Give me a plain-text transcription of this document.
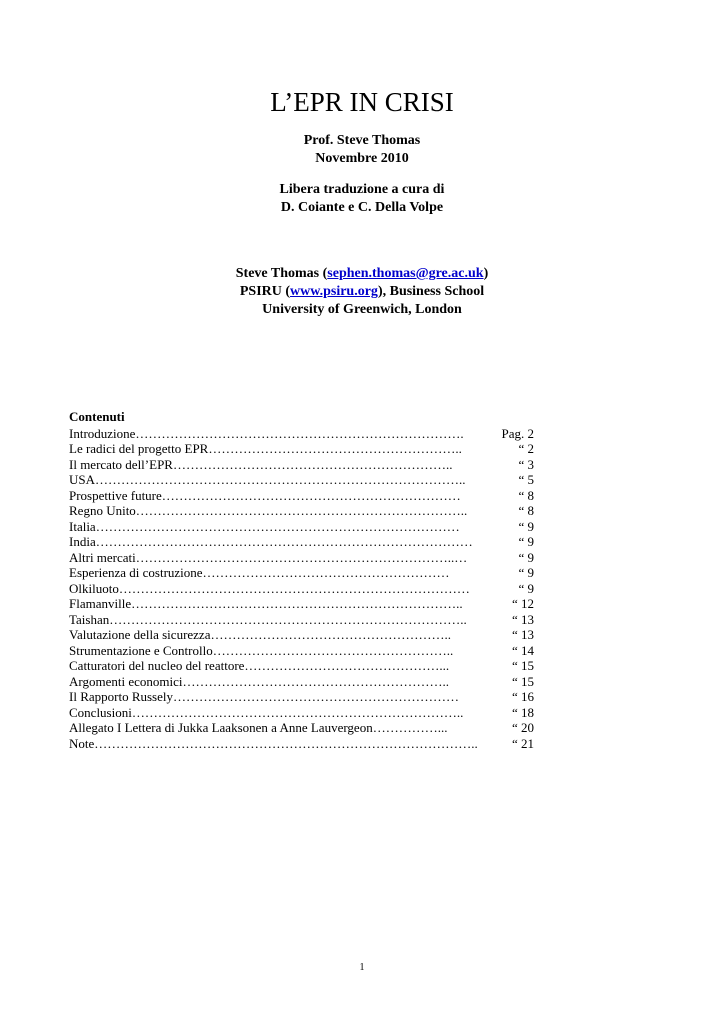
L’EPR IN CRISI
Prof. Steve Thomas
Novembre 2010
Libera traduzione a cura di
D. Coiante e C. Della Volpe
Steve Thomas (sephen.thomas@gre.ac.uk)
PSIRU (www.psiru.org), Business School
University of Greenwich, London
Contenuti
Introduzione………………………………………………………………….	Pag. 2
Le radici del progetto EPR…………………………………………………..	“ 2
Il mercato dell’EPR………………………………………………………..	“ 3
USA…………………………………………………………………………..	“ 5
Prospettive future……………………………………………………………	“ 8
Regno Unito…………………………………………………………………..	“ 8
Italia…………………………………………………………………………	“ 9
India……………………………………………………………………………	“ 9
Altri mercati………………………………………………………………..…	“ 9
Esperienza di costruzione…………………………………………………	“ 9
Olkiluoto………………………………………………………………………	“ 9
Flamanville…………………………………………………………………..	“ 12
Taishan………………………………………………………………………..	“ 13
Valutazione della sicurezza………………………………………………..	“ 13
Strumentazione e Controllo………………………………………………..	“ 14
Catturatori del nucleo del reattore………………………………………...	“ 15
Argomenti economici……………………………………………………..	“ 15
Il Rapporto Russely…………………………………………………………	“ 16
Conclusioni…………………………………………………………………..	“ 18
Allegato I Lettera di Jukka Laaksonen a Anne Lauvergeon……………...	“ 20
Note……………………………………………………………………………..	“ 21
1
